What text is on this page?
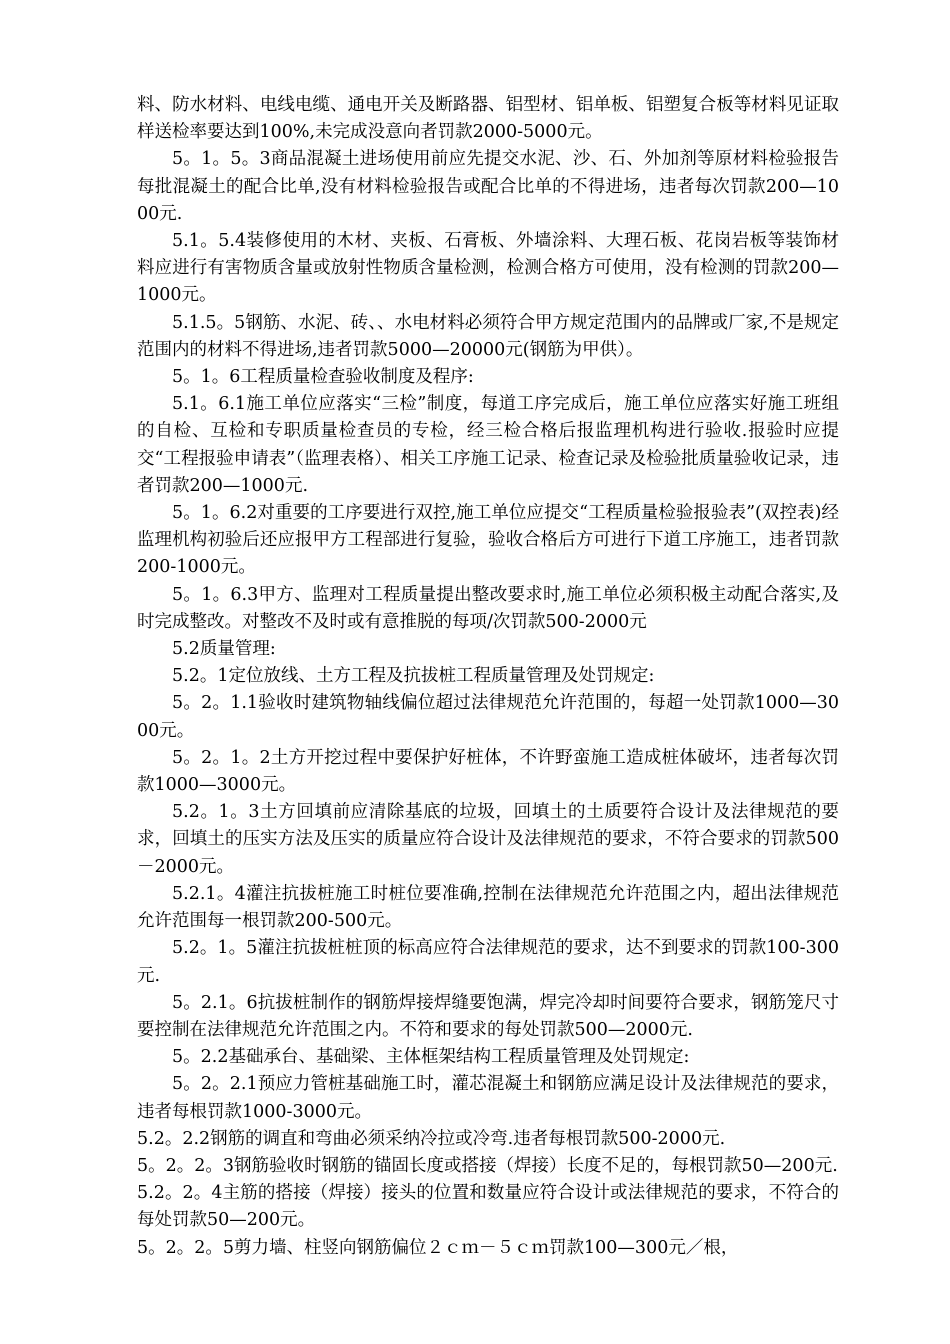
料、防水材料、电线电缆、通电开关及断路器、铝型材、铝单板、铝塑复合板等材料见证取样送检率要达到100%,未完成没意向者罚款2000-5000元。

5。1。5。3商品混凝土进场使用前应先提交水泥、沙、石、外加剂等原材料检验报告每批混凝土的配合比单,没有材料检验报告或配合比单的不得进场，违者每次罚款200—1000元.

5.1。5.4装修使用的木材、夹板、石膏板、外墙涂料、大理石板、花岗岩板等装饰材料应进行有害物质含量或放射性物质含量检测，检测合格方可使用，没有检测的罚款200—1000元。

5.1.5。5钢筋、水泥、砖、、水电材料必须符合甲方规定范围内的品牌或厂家,不是规定范围内的材料不得进场,违者罚款5000—20000元(钢筋为甲供）。

5。1。6工程质量检查验收制度及程序:

5.1。6.1施工单位应落实“三检”制度，每道工序完成后，施工单位应落实好施工班组的自检、互检和专职质量检查员的专检，经三检合格后报监理机构进行验收.报验时应提交“工程报验申请表”（监理表格）、相关工序施工记录、检查记录及检验批质量验收记录，违者罚款200—1000元.

5。1。6.2对重要的工序要进行双控,施工单位应提交“工程质量检验报验表”(双控表)经监理机构初验后还应报甲方工程部进行复验，验收合格后方可进行下道工序施工，违者罚款200-1000元。

5。1。6.3甲方、监理对工程质量提出整改要求时,施工单位必须积极主动配合落实,及时完成整改。对整改不及时或有意推脱的每项/次罚款500-2000元

5.2质量管理:

5.2。1定位放线、土方工程及抗拔桩工程质量管理及处罚规定:

5。2。1.1验收时建筑物轴线偏位超过法律规范允许范围的，每超一处罚款1000—3000元。

5。2。1。2土方开挖过程中要保护好桩体，不许野蛮施工造成桩体破坏，违者每次罚款1000—3000元。

5.2。1。3土方回填前应清除基底的垃圾，回填土的土质要符合设计及法律规范的要求，回填土的压实方法及压实的质量应符合设计及法律规范的要求，不符合要求的罚款500－2000元。

5.2.1。4灌注抗拔桩施工时桩位要准确,控制在法律规范允许范围之内，超出法律规范允许范围每一根罚款200-500元。

5.2。1。5灌注抗拔桩桩顶的标高应符合法律规范的要求，达不到要求的罚款100-300元.

5。2.1。6抗拔桩制作的钢筋焊接焊缝要饱满，焊完冷却时间要符合要求，钢筋笼尺寸要控制在法律规范允许范围之内。不符和要求的每处罚款500—2000元.

5。2.2基础承台、基础梁、主体框架结构工程质量管理及处罚规定:

5。2。2.1预应力管桩基础施工时，灌芯混凝土和钢筋应满足设计及法律规范的要求，违者每根罚款1000-3000元。

5.2。2.2钢筋的调直和弯曲必须采纳冷拉或冷弯.违者每根罚款500-2000元.

5。2。2。3钢筋验收时钢筋的锚固长度或搭接（焊接）长度不足的，每根罚款50—200元.

5.2。2。4主筋的搭接（焊接）接头的位置和数量应符合设计或法律规范的要求，不符合的每处罚款50—200元。

5。2。2。5剪力墙、柱竖向钢筋偏位２ｃｍ－５ｃｍ罚款100—300元／根，
